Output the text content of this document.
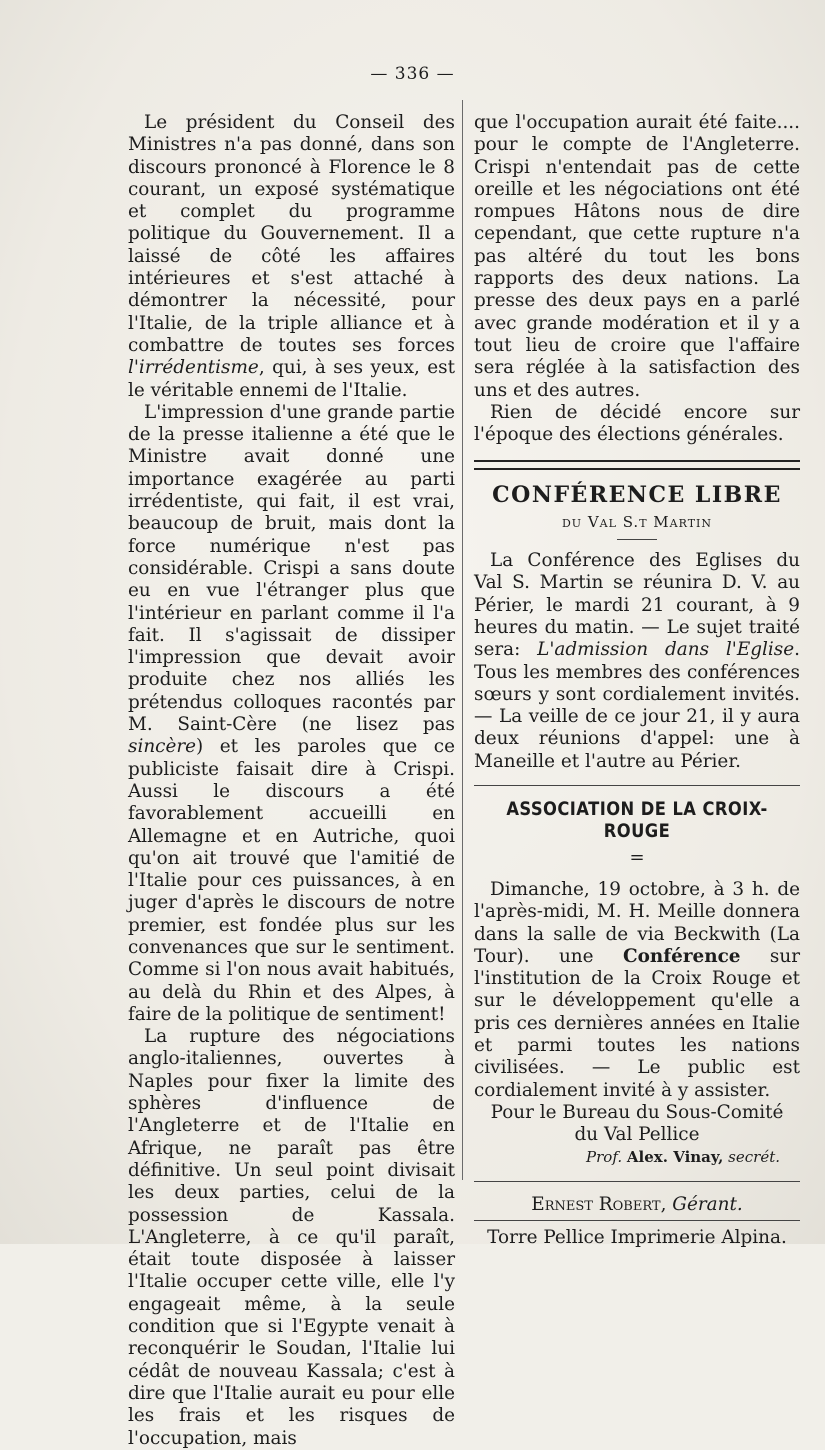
— 336 —

Le président du Conseil des Ministres n'a pas donné, dans son discours prononcé à Florence le 8 courant, un exposé systématique et complet du programme politique du Gouvernement. Il a laissé de côté les affaires intérieures et s'est attaché à démontrer la nécessité, pour l'Italie, de la triple alliance et à combattre de toutes ses forces l'irrédentisme, qui, à ses yeux, est le véritable ennemi de l'Italie.

L'impression d'une grande partie de la presse italienne a été que le Ministre avait donné une importance exagérée au parti irrédentiste, qui fait, il est vrai, beaucoup de bruit, mais dont la force numérique n'est pas considérable. Crispi a sans doute eu en vue l'étranger plus que l'intérieur en parlant comme il l'a fait. Il s'agissait de dissiper l'impression que devait avoir produite chez nos alliés les prétendus colloques racontés par M. Saint-Cère (ne lisez pas sincère) et les paroles que ce publiciste faisait dire à Crispi. Aussi le discours a été favorablement accueilli en Allemagne et en Autriche, quoi qu'on ait trouvé que l'amitié de l'Italie pour ces puissances, à en juger d'après le discours de notre premier, est fondée plus sur les convenances que sur le sentiment. Comme si l'on nous avait habitués, au delà du Rhin et des Alpes, à faire de la politique de sentiment!

La rupture des négociations anglo-italiennes, ouvertes à Naples pour fixer la limite des sphères d'influence de l'Angleterre et de l'Italie en Afrique, ne paraît pas être définitive. Un seul point divisait les deux parties, celui de la possession de Kassala. L'Angleterre, à ce qu'il paraît, était toute disposée à laisser l'Italie occuper cette ville, elle l'y engageait même, à la seule condition que si l'Egypte venait à reconquérir le Soudan, l'Italie lui cédât de nouveau Kassala; c'est à dire que l'Italie aurait eu pour elle les frais et les risques de l'occupation, mais

que l'occupation aurait été faite.... pour le compte de l'Angleterre. Crispi n'entendait pas de cette oreille et les négociations ont été rompues Hâtons nous de dire cependant, que cette rupture n'a pas altéré du tout les bons rapports des deux nations. La presse des deux pays en a parlé avec grande modération et il y a tout lieu de croire que l'affaire sera réglée à la satisfaction des uns et des autres.

Rien de décidé encore sur l'époque des élections générales.

CONFÉRENCE LIBRE
du Val S.t Martin

La Conférence des Eglises du Val S. Martin se réunira D. V. au Périer, le mardi 21 courant, à 9 heures du matin. — Le sujet traité sera: L'admission dans l'Eglise. Tous les membres des conférences sœurs y sont cordialement invités. — La veille de ce jour 21, il y aura deux réunions d'appel: une à Maneille et l'autre au Périer.

ASSOCIATION DE LA CROIX-ROUGE
=

Dimanche, 19 octobre, à 3 h. de l'après-midi, M. H. Meille donnera dans la salle de via Beckwith (La Tour). une Conférence sur l'institution de la Croix Rouge et sur le développement qu'elle a pris ces dernières années en Italie et parmi toutes les nations civilisées. — Le public est cordialement invité à y assister.

Pour le Bureau du Sous-Comité

du Val Pellice

Prof. Alex. Vinay, secrét.

Ernest Robert, Gérant.

Torre Pellice Imprimerie Alpina.
